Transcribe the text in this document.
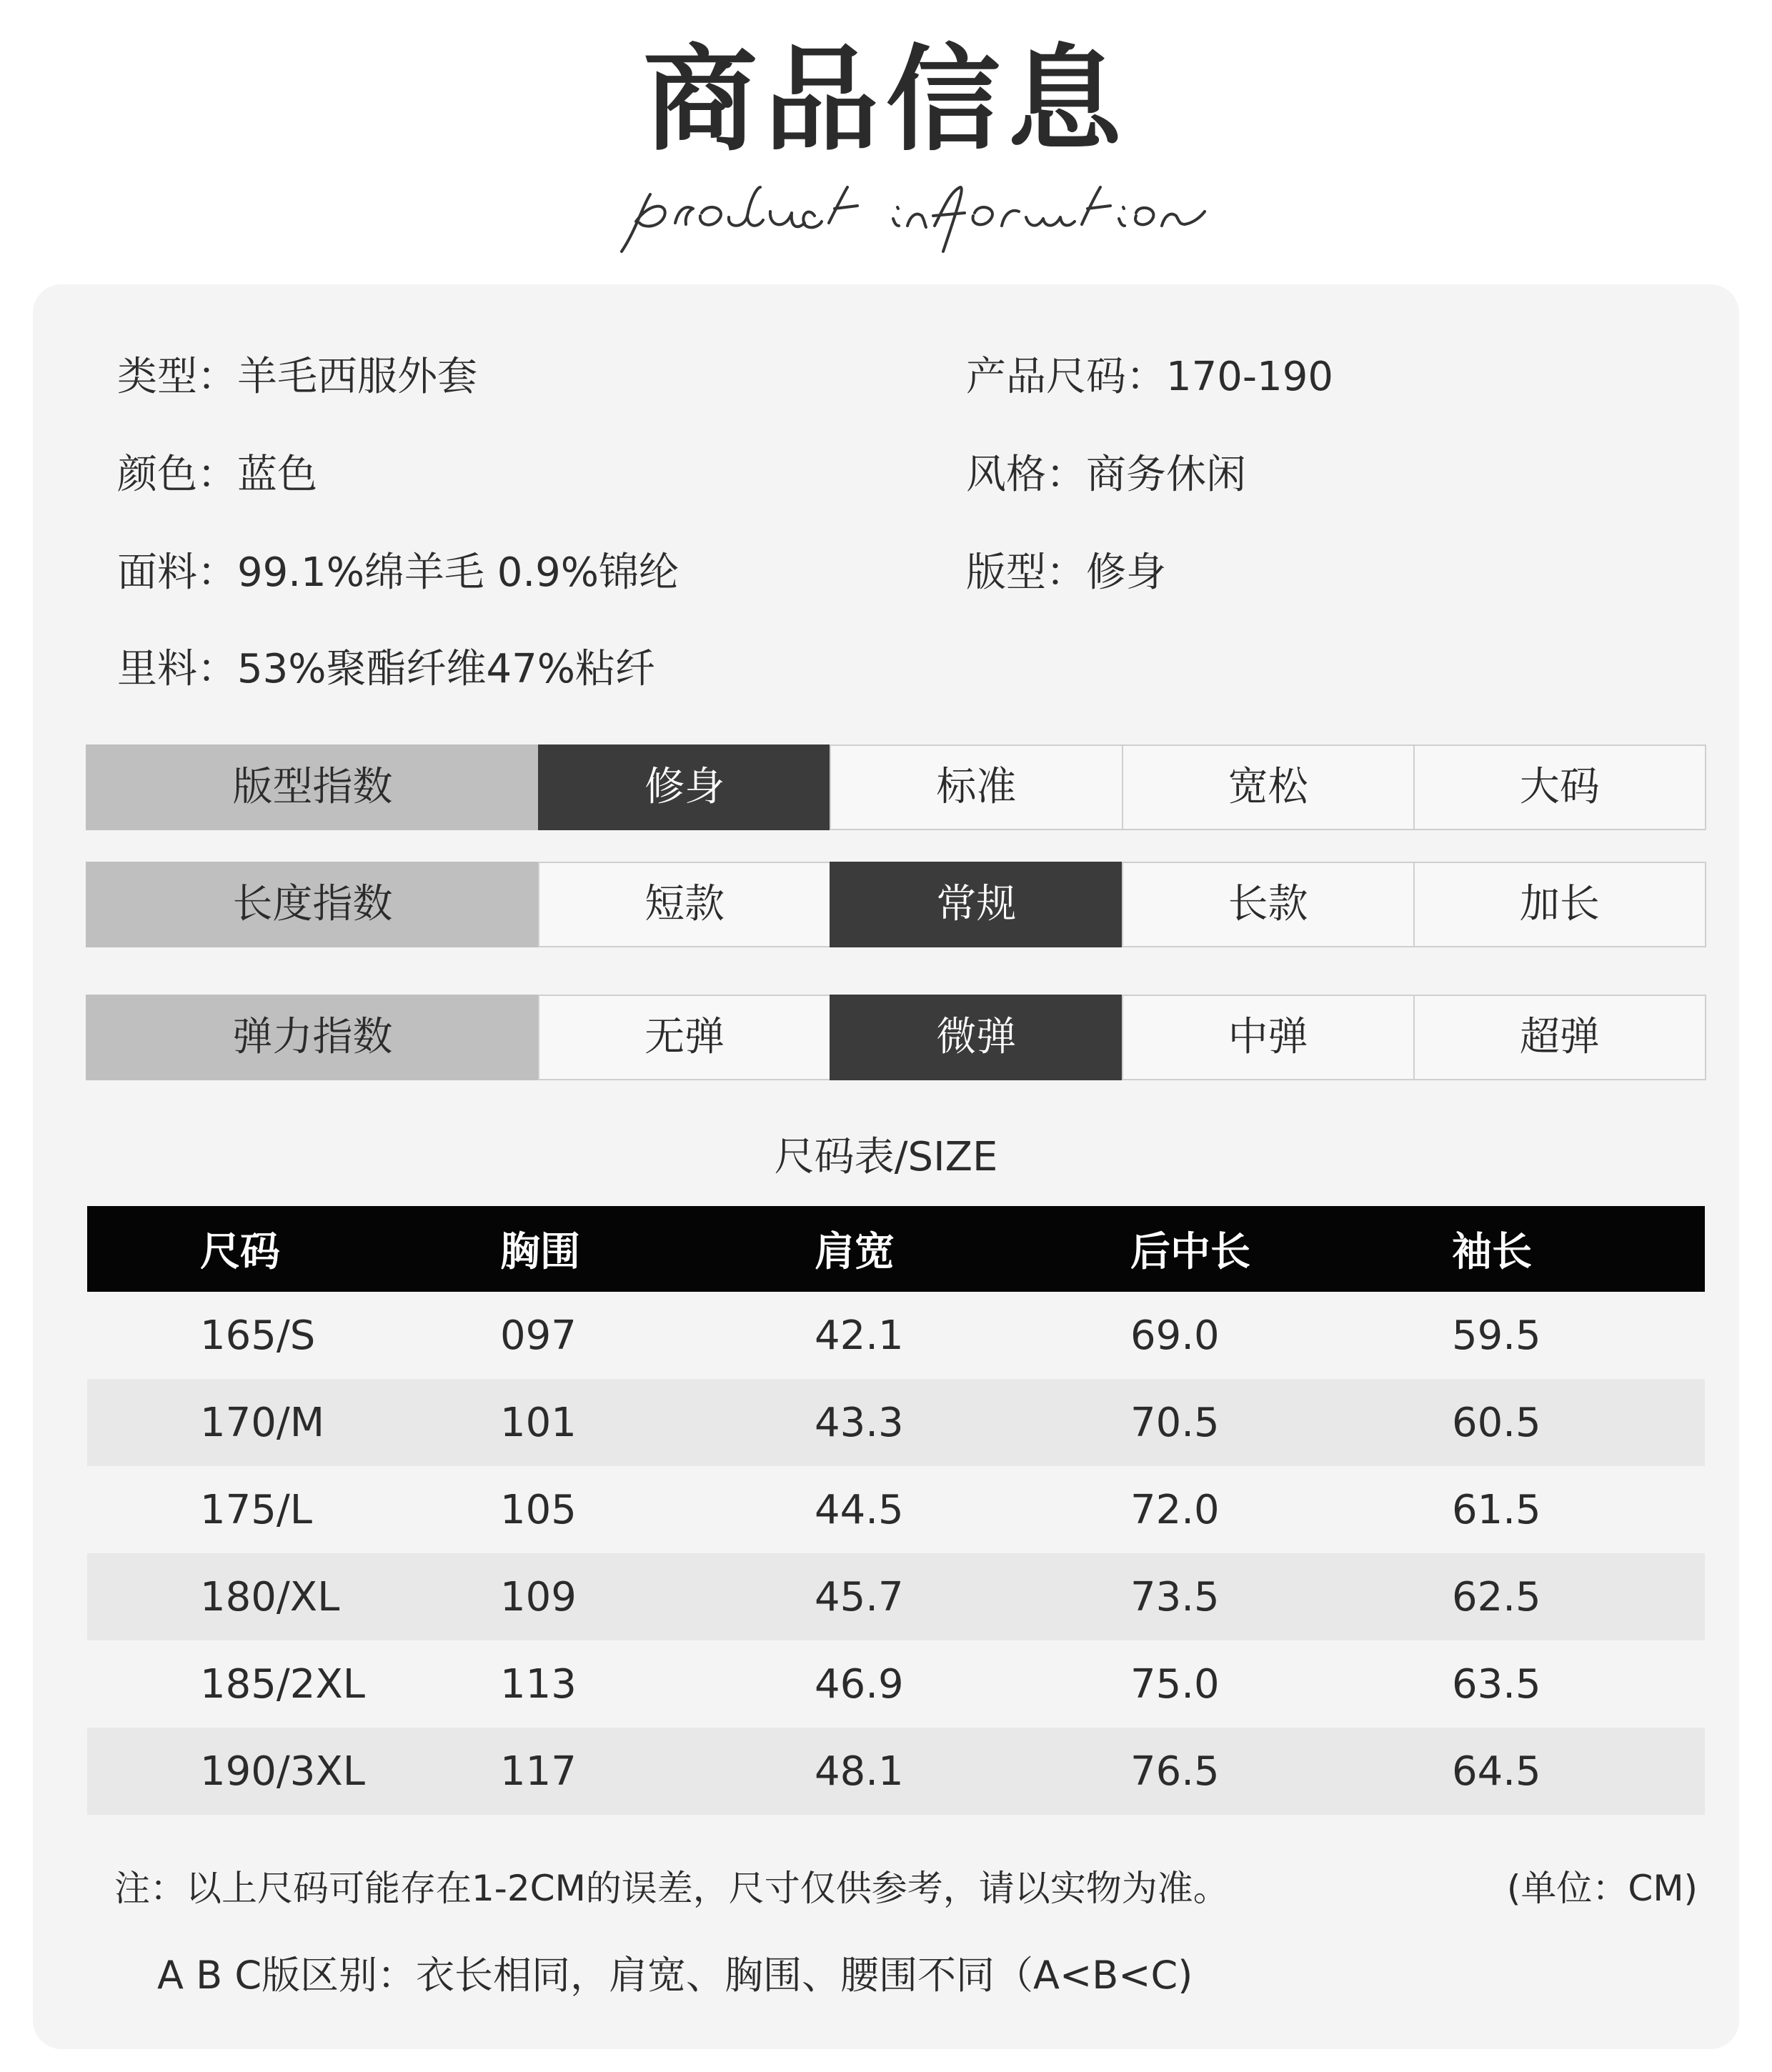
商品信息
类型：羊毛西服外套
颜色：蓝色
面料：99.1%绵羊毛 0.9%锦纶
里料：53%聚酯纤维47%粘纤
产品尺码：170-190
风格：商务休闲
版型：修身
版型指数	修身	标准	宽松	大码
长度指数	短款	常规	长款	加长
弹力指数	无弹	微弹	中弹	超弹
尺码表/SIZE
尺码	胸围	肩宽	后中长	袖长
165/S	097	42.1	69.0	59.5
170/M	101	43.3	70.5	60.5
175/L	105	44.5	72.0	61.5
180/XL	109	45.7	73.5	62.5
185/2XL	113	46.9	75.0	63.5
190/3XL	117	48.1	76.5	64.5
注：以上尺码可能存在1-2CM的误差，尺寸仅供参考，请以实物为准。	(单位：CM)
A B C版区别：衣长相同，肩宽、胸围、腰围不同（A<B<C)
